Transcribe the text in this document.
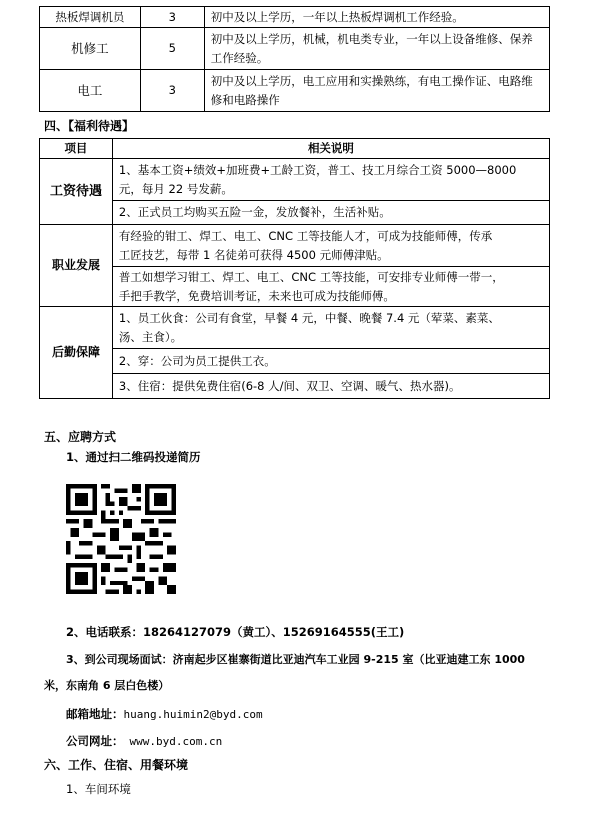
热板焊调机员	3	初中及以上学历，一年以上热板焊调机工作经验。
机修工	5	初中及以上学历，机械，机电类专业，一年以上设备维修、保养
工作经验。

电工	3	初中及以上学历，电工应用和实操熟练，有电工操作证、电路维
修和电路操作
四、【福利待遇】
项目	相关说明
工资待遇	1、基本工资+绩效+加班费+工龄工资，普工、技工月综合工资 5000—8000
元，每月 22 号发薪。

	2、正式员工均购买五险一金，发放餐补，生活补贴。
职业发展	有经验的钳工、焊工、电工、CNC 工等技能人才，可成为技能师傅，传承
工匠技艺，每带 1 名徒弟可获得 4500 元师傅津贴。

	普工如想学习钳工、焊工、电工、CNC 工等技能，可安排专业师傅一带一，
手把手教学，免费培训考证，未来也可成为技能师傅。

后勤保障	1、员工伙食：公司有食堂，早餐 4 元，中餐、晚餐 7.4 元（荤菜、素菜、
汤、主食）。

	2、穿：公司为员工提供工衣。
	3、住宿：提供免费住宿(6-8 人/间、双卫、空调、暖气、热水器)。
五、应聘方式
1、通过扫二维码投递简历
2、电话联系：18264127079（黄工）、15269164555(王工)
3、到公司现场面试：济南起步区崔寨街道比亚迪汽车工业园 9-215 室（比亚迪建工东 1000
米，东南角 6 层白色楼）
邮箱地址：huang.huimin2@byd.com
公司网址： www.byd.com.cn
六、工作、住宿、用餐环境
1、车间环境
